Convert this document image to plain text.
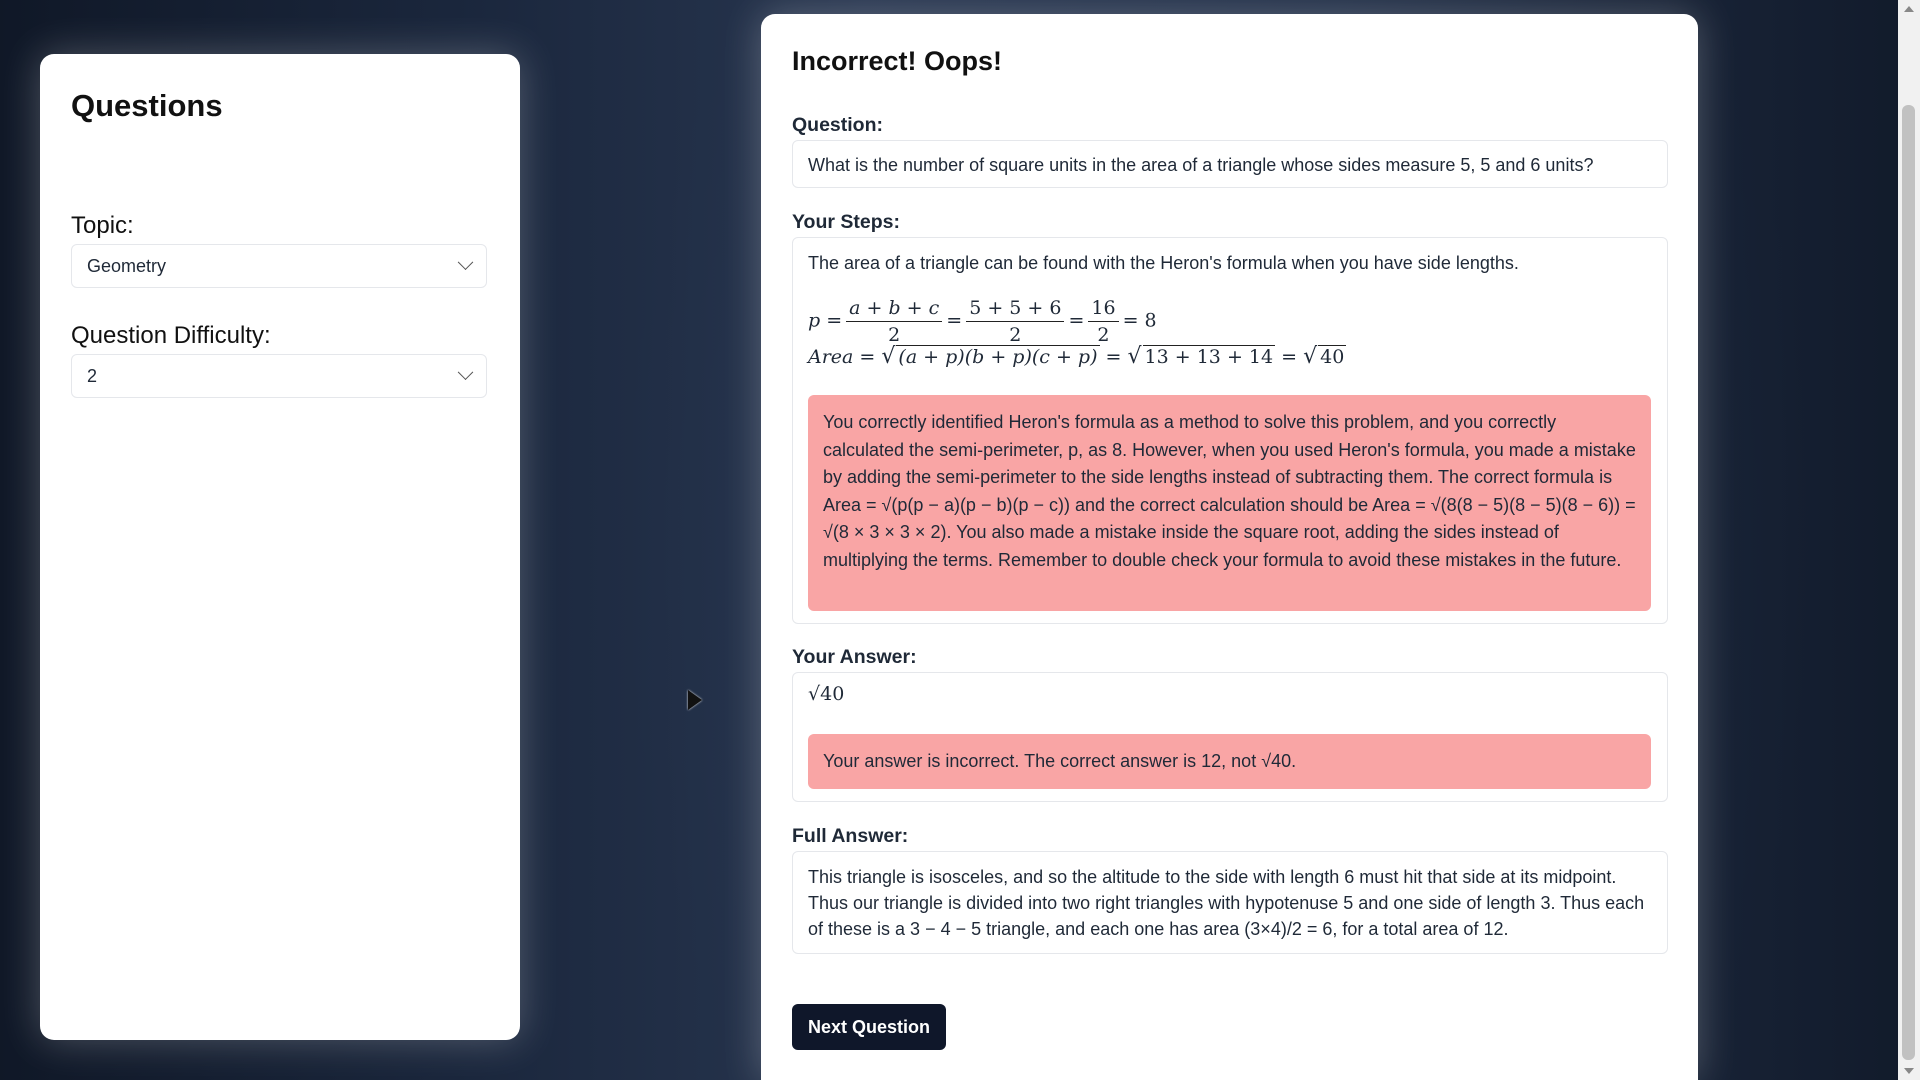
Questions
Topic:
Geometry
Question Difficulty:
2
Incorrect! Oops!
Question:
What is the number of square units in the area of a triangle whose sides measure 5, 5 and 6 units?
Your Steps:
The area of a triangle can be found with the Heron's formula when you have side lengths.
$p = \frac{a + b + c}{2} = \frac{5 + 5 + 6}{2} = \frac{16}{2} = 8$
Area = √ (a + p)(b + p)(c + p) = √ 13 + 13 + 14 = √ 40
You correctly identified Heron's formula as a method to solve this problem, and you correctly calculated the semi-perimeter, p, as 8. However, when you used Heron's formula, you made a mistake by adding the semi-perimeter to the side lengths instead of subtracting them. The correct formula is Area = √(p(p − a)(p − b)(p − c)) and the correct calculation should be Area = √(8(8 − 5)(8 − 5)(8 − 6)) = √(8 × 3 × 3 × 2). You also made a mistake inside the square root, adding the sides instead of multiplying the terms. Remember to double check your formula to avoid these mistakes in the future.
Your Answer:
√40
Your answer is incorrect. The correct answer is 12, not √40.
Full Answer:
This triangle is isosceles, and so the altitude to the side with length 6 must hit that side at its midpoint. Thus our triangle is divided into two right triangles with hypotenuse 5 and one side of length 3. Thus each of these is a 3 − 4 − 5 triangle, and each one has area (3×4)/2 = 6, for a total area of 12.
Next Question
